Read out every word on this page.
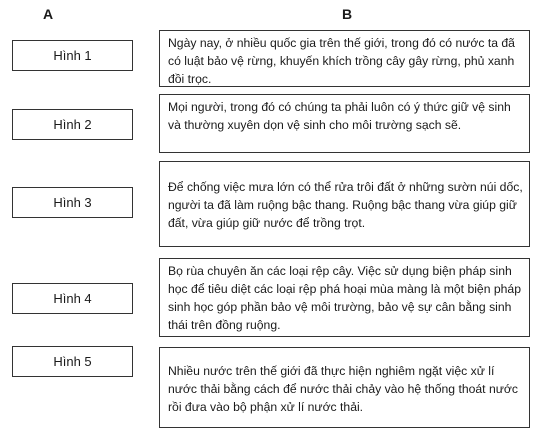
A	B
Hình 1
Hình 2
Hình 3
Hình 4
Hình 5

Ngày nay, ở nhiều quốc gia trên thế giới, trong đó có nước ta đã có luật bảo vệ rừng, khuyến khích trồng cây gây rừng, phủ xanh đồi trọc.

Mọi người, trong đó có chúng ta phải luôn có ý thức giữ vệ sinh và thường xuyên dọn vệ sinh cho môi trường sạch sẽ.

Để chống việc mưa lớn có thể rửa trôi đất ở những sườn núi dốc, người ta đã làm ruộng bậc thang. Ruộng bậc thang vừa giúp giữ đất, vừa giúp giữ nước để trồng trọt.

Bọ rùa chuyên ăn các loại rệp cây. Việc sử dụng biện pháp sinh học để tiêu diệt các loại rệp phá hoại mùa màng là một biện pháp sinh học góp phần bảo vệ môi trường, bảo vệ sự cân bằng sinh thái trên đồng ruộng.

Nhiều nước trên thế giới đã thực hiện nghiêm ngặt việc xử lí nước thải bằng cách để nước thải chảy vào hệ thống thoát nước rồi đưa vào bộ phận xử lí nước thải.
